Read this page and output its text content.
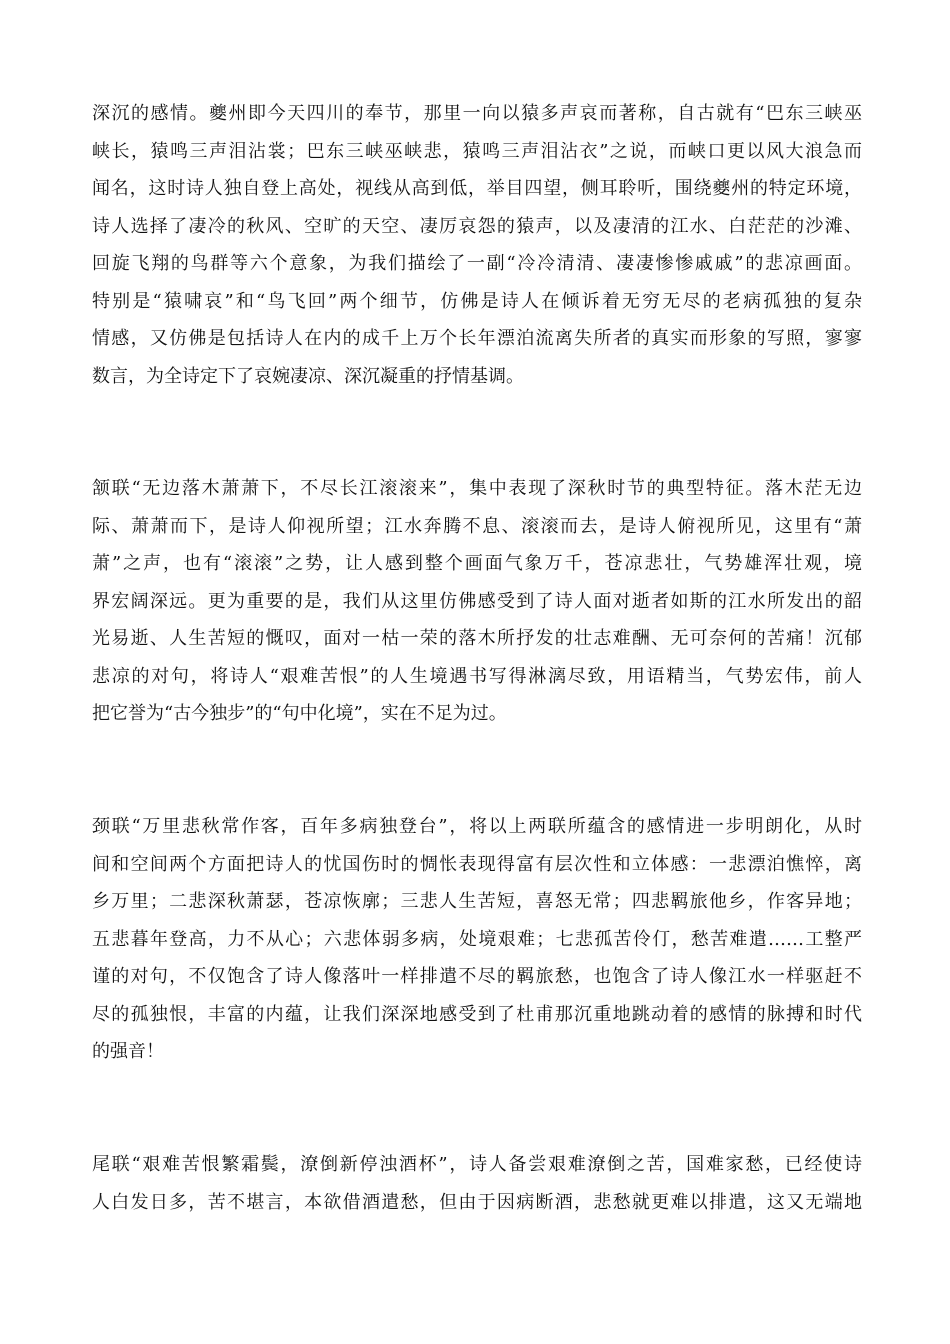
深沉的感情。夔州即今天四川的奉节，那里一向以猿多声哀而著称，自古就有“巴东三峡巫
峡长，猿鸣三声泪沾裳；巴东三峡巫峡悲，猿鸣三声泪沾衣”之说，而峡口更以风大浪急而
闻名，这时诗人独自登上高处，视线从高到低，举目四望，侧耳聆听，围绕夔州的特定环境，
诗人选择了凄冷的秋风、空旷的天空、凄厉哀怨的猿声，以及凄清的江水、白茫茫的沙滩、
回旋飞翔的鸟群等六个意象，为我们描绘了一副“冷冷清清、凄凄惨惨戚戚”的悲凉画面。
特别是“猿啸哀”和“鸟飞回”两个细节，仿佛是诗人在倾诉着无穷无尽的老病孤独的复杂
情感，又仿佛是包括诗人在内的成千上万个长年漂泊流离失所者的真实而形象的写照，寥寥
数言，为全诗定下了哀婉凄凉、深沉凝重的抒情基调。
颔联“无边落木萧萧下，不尽长江滚滚来”，集中表现了深秋时节的典型特征。落木茫无边
际、萧萧而下，是诗人仰视所望；江水奔腾不息、滚滚而去，是诗人俯视所见，这里有“萧
萧”之声，也有“滚滚”之势，让人感到整个画面气象万千，苍凉悲壮，气势雄浑壮观，境
界宏阔深远。更为重要的是，我们从这里仿佛感受到了诗人面对逝者如斯的江水所发出的韶
光易逝、人生苦短的慨叹，面对一枯一荣的落木所抒发的壮志难酬、无可奈何的苦痛！沉郁
悲凉的对句，将诗人“艰难苦恨”的人生境遇书写得淋漓尽致，用语精当，气势宏伟，前人
把它誉为“古今独步”的“句中化境”，实在不足为过。
颈联“万里悲秋常作客，百年多病独登台”，将以上两联所蕴含的感情进一步明朗化，从时
间和空间两个方面把诗人的忧国伤时的惆怅表现得富有层次性和立体感：一悲漂泊憔悴，离
乡万里；二悲深秋萧瑟，苍凉恢廓；三悲人生苦短，喜怒无常；四悲羁旅他乡，作客异地；
五悲暮年登高，力不从心；六悲体弱多病，处境艰难；七悲孤苦伶仃，愁苦难遣……工整严
谨的对句，不仅饱含了诗人像落叶一样排遣不尽的羁旅愁，也饱含了诗人像江水一样驱赶不
尽的孤独恨，丰富的内蕴，让我们深深地感受到了杜甫那沉重地跳动着的感情的脉搏和时代
的强音！
尾联“艰难苦恨繁霜鬓，潦倒新停浊酒杯”，诗人备尝艰难潦倒之苦，国难家愁，已经使诗
人白发日多，苦不堪言，本欲借酒遣愁，但由于因病断酒，悲愁就更难以排遣，这又无端地
